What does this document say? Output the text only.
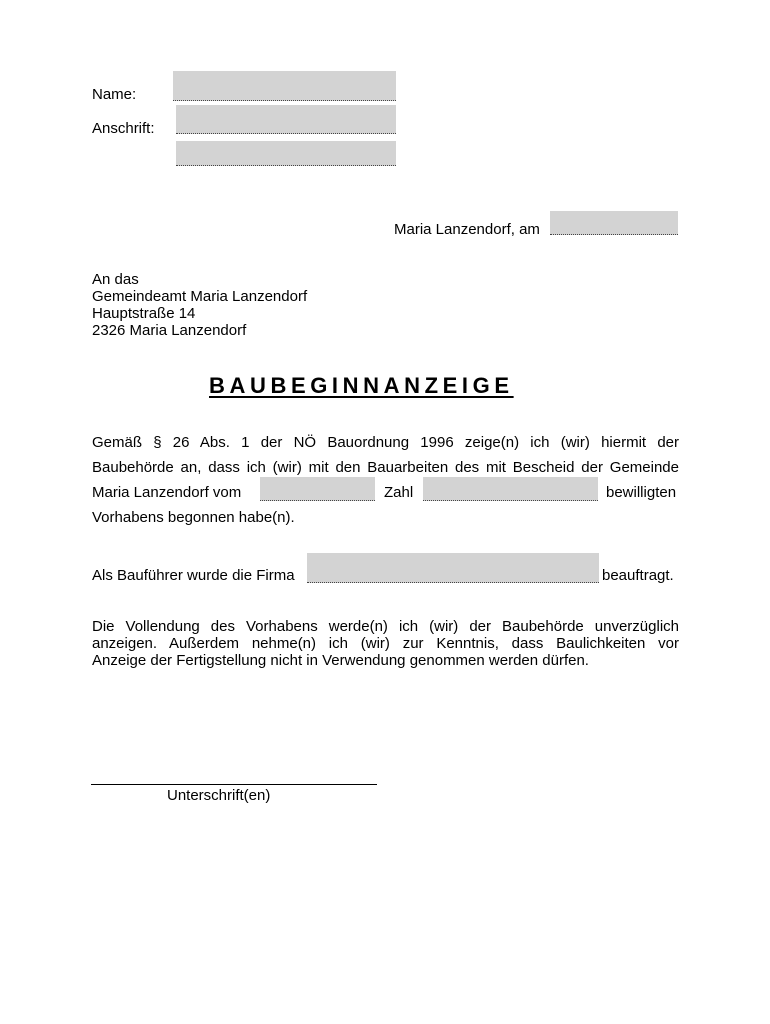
Name:
Anschrift:
Maria Lanzendorf, am
An das
Gemeindeamt Maria Lanzendorf
Hauptstraße 14
2326 Maria Lanzendorf
BAUBEGINNANZEIGE
Gemäß § 26 Abs. 1 der NÖ Bauordnung 1996 zeige(n) ich (wir) hiermit der
Baubehörde an, dass ich (wir) mit den Bauarbeiten des mit Bescheid der Gemeinde
Maria Lanzendorf vom	Zahl	bewilligten
Vorhabens begonnen habe(n).
Als Bauführer wurde die Firma	beauftragt.
Die Vollendung des Vorhabens werde(n) ich (wir) der Baubehörde unverzüglich
anzeigen. Außerdem nehme(n) ich (wir) zur Kenntnis, dass Baulichkeiten vor
Anzeige der Fertigstellung nicht in Verwendung genommen werden dürfen.
Unterschrift(en)
